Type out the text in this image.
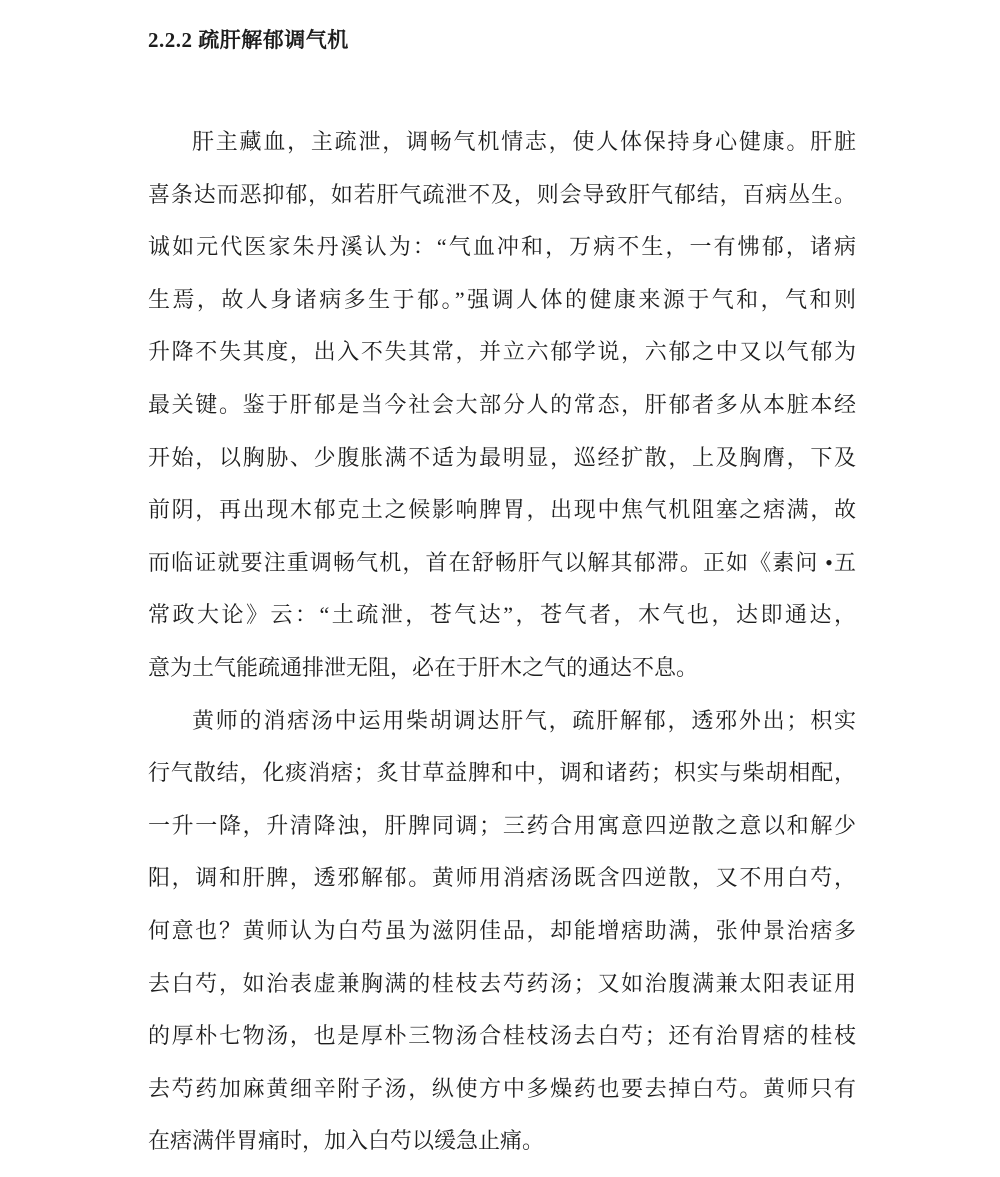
2.2.2 疏肝解郁调气机
肝主藏血，主疏泄，调畅气机情志，使人体保持身心健康。肝脏
喜条达而恶抑郁，如若肝气疏泄不及，则会导致肝气郁结，百病丛生。
诚如元代医家朱丹溪认为：“气血冲和，万病不生，一有怫郁，诸病
生焉，故人身诸病多生于郁。”强调人体的健康来源于气和，气和则
升降不失其度，出入不失其常，并立六郁学说，六郁之中又以气郁为
最关键。鉴于肝郁是当今社会大部分人的常态，肝郁者多从本脏本经
开始，以胸胁、少腹胀满不适为最明显，巡经扩散，上及胸膺，下及
前阴，再出现木郁克土之候影响脾胃，出现中焦气机阻塞之痞满，故
而临证就要注重调畅气机，首在舒畅肝气以解其郁滞。正如《素问 •五
常政大论》云：“土疏泄，苍气达”，苍气者，木气也，达即通达，
意为土气能疏通排泄无阻，必在于肝木之气的通达不息。
黄师的消痞汤中运用柴胡调达肝气，疏肝解郁，透邪外出；枳实
行气散结，化痰消痞；炙甘草益脾和中，调和诸药；枳实与柴胡相配，
一升一降，升清降浊，肝脾同调；三药合用寓意四逆散之意以和解少
阳，调和肝脾，透邪解郁。黄师用消痞汤既含四逆散，又不用白芍，
何意也？黄师认为白芍虽为滋阴佳品，却能增痞助满，张仲景治痞多
去白芍，如治表虚兼胸满的桂枝去芍药汤；又如治腹满兼太阳表证用
的厚朴七物汤，也是厚朴三物汤合桂枝汤去白芍；还有治胃痞的桂枝
去芍药加麻黄细辛附子汤，纵使方中多燥药也要去掉白芍。黄师只有
在痞满伴胃痛时，加入白芍以缓急止痛。
